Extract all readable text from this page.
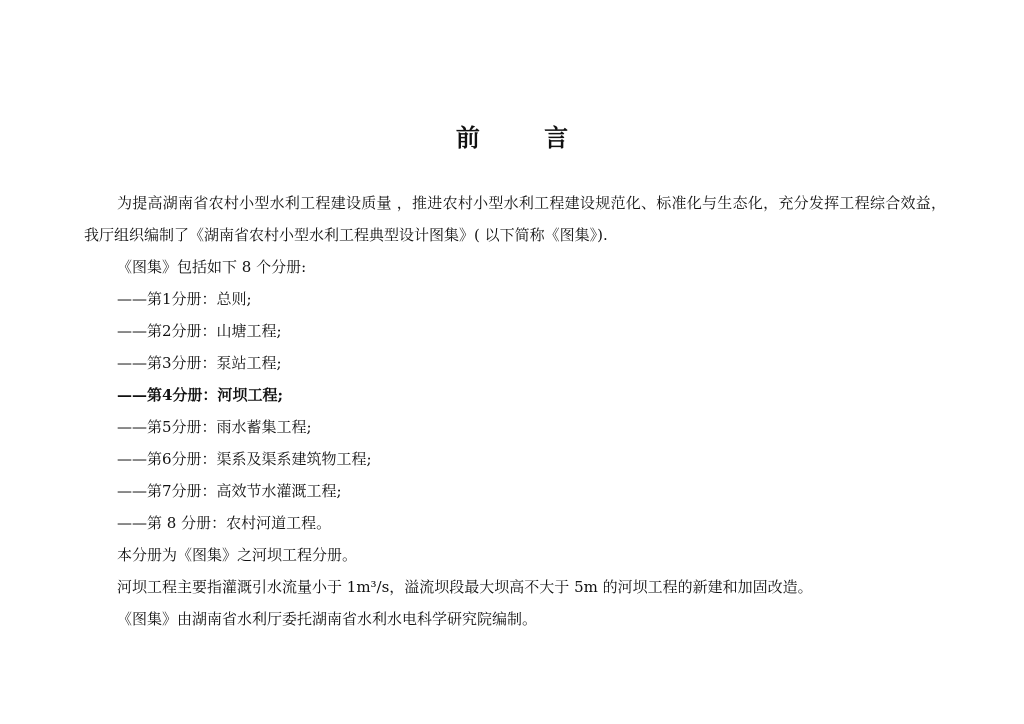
前 言

为提高湖南省农村小型水利工程建设质量 ，推进农村小型水利工程建设规范化、标准化与生态化，充分发挥工程综合效益，我厅组织编制了《湖南省农村小型水利工程典型设计图集》( 以下简称《图集》).

《图集》包括如下 8 个分册:

——第1分册：总则;

——第2分册：山塘工程;

——第3分册：泵站工程;

——第4分册：河坝工程;

——第5分册：雨水蓄集工程;

——第6分册：渠系及渠系建筑物工程;

——第7分册：高效节水灌溉工程;

——第 8 分册：农村河道工程。

本分册为《图集》之河坝工程分册。

河坝工程主要指灌溉引水流量小于 1m³/s，溢流坝段最大坝高不大于 5m 的河坝工程的新建和加固改造。

《图集》由湖南省水利厅委托湖南省水利水电科学研究院编制。
